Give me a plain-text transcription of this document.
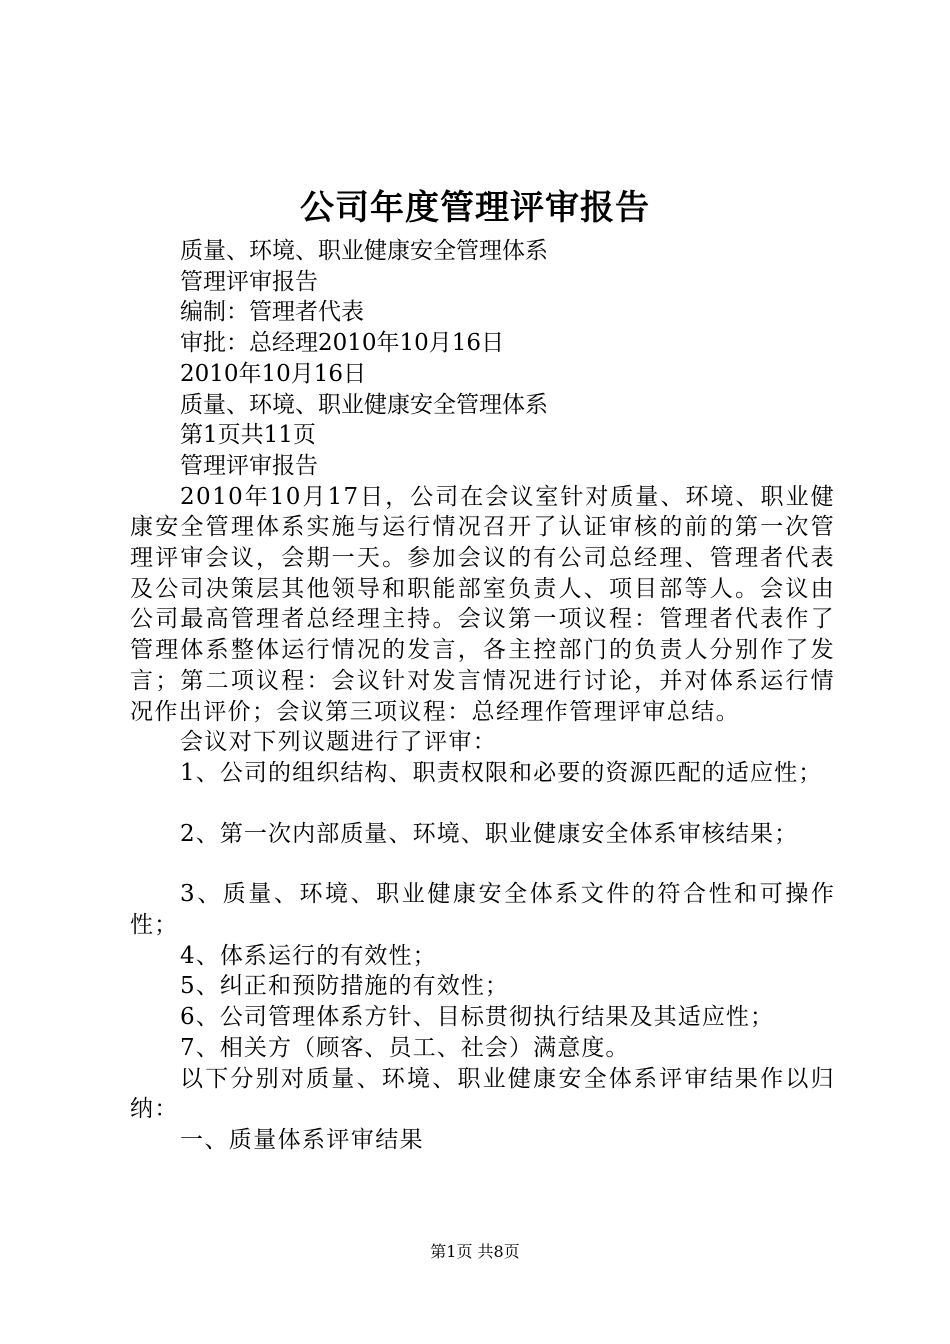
公司年度管理评审报告

质量、环境、职业健康安全管理体系

管理评审报告

编制：管理者代表

审批：总经理2010年10月16日

2010年10月16日

质量、环境、职业健康安全管理体系

第1页共11页

管理评审报告

2010年10月17日，公司在会议室针对质量、环境、职业健康安全管理体系实施与运行情况召开了认证审核的前的第一次管理评审会议，会期一天。参加会议的有公司总经理、管理者代表及公司决策层其他领导和职能部室负责人、项目部等人。会议由公司最高管理者总经理主持。会议第一项议程：管理者代表作了管理体系整体运行情况的发言，各主控部门的负责人分别作了发言；第二项议程：会议针对发言情况进行讨论，并对体系运行情况作出评价；会议第三项议程：总经理作管理评审总结。

会议对下列议题进行了评审：

1、公司的组织结构、职责权限和必要的资源匹配的适应性；

2、第一次内部质量、环境、职业健康安全体系审核结果；

3、质量、环境、职业健康安全体系文件的符合性和可操作性；

4、体系运行的有效性；

5、纠正和预防措施的有效性；

6、公司管理体系方针、目标贯彻执行结果及其适应性；

7、相关方（顾客、员工、社会）满意度。

以下分别对质量、环境、职业健康安全体系评审结果作以归纳：

一、质量体系评审结果

第1页 共8页
